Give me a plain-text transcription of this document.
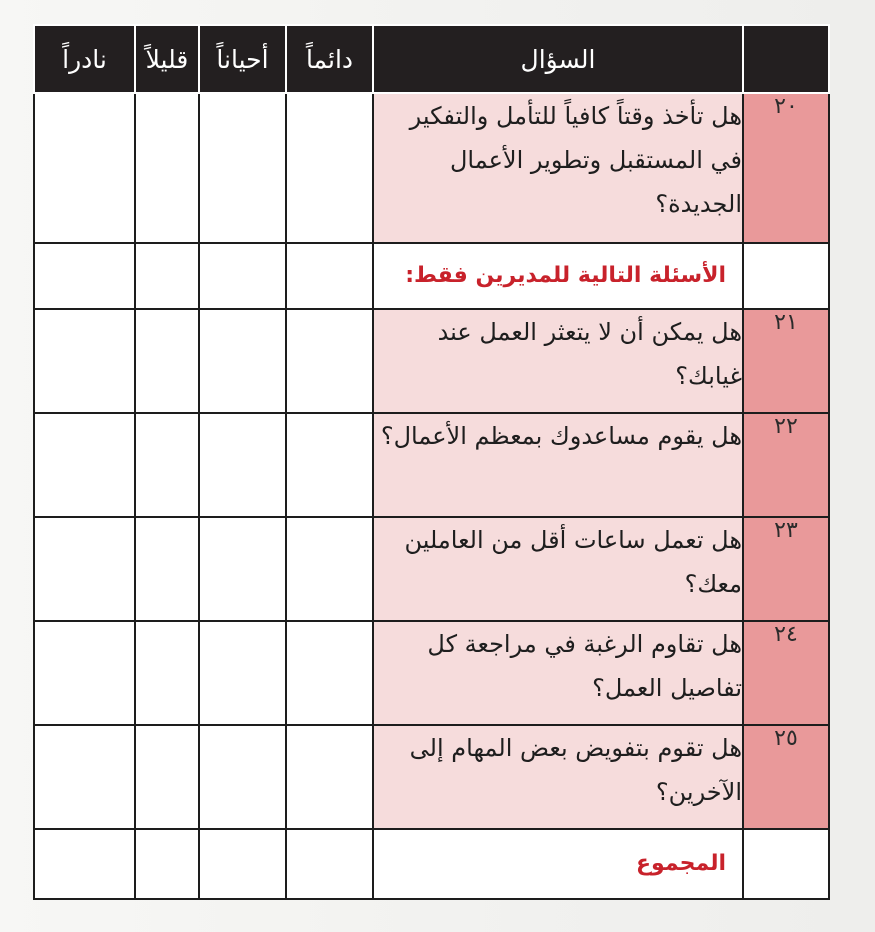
	السؤال	دائماً	أحياناً	قليلاً	نادراً
٢٠	هل تأخذ وقتاً كافياً للتأمل والتفكير في المستقبل وتطوير الأعمال الجديدة؟				
	الأسئلة التالية للمديرين فقط:				
٢١	هل يمكن أن لا يتعثر العمل عند غيابك؟				
٢٢	هل يقوم مساعدوك بمعظم الأعمال؟				
٢٣	هل تعمل ساعات أقل من العاملين معك؟				
٢٤	هل تقاوم الرغبة في مراجعة كل تفاصيل العمل؟				
٢٥	هل تقوم بتفويض بعض المهام إلى الآخرين؟				
	المجموع				
